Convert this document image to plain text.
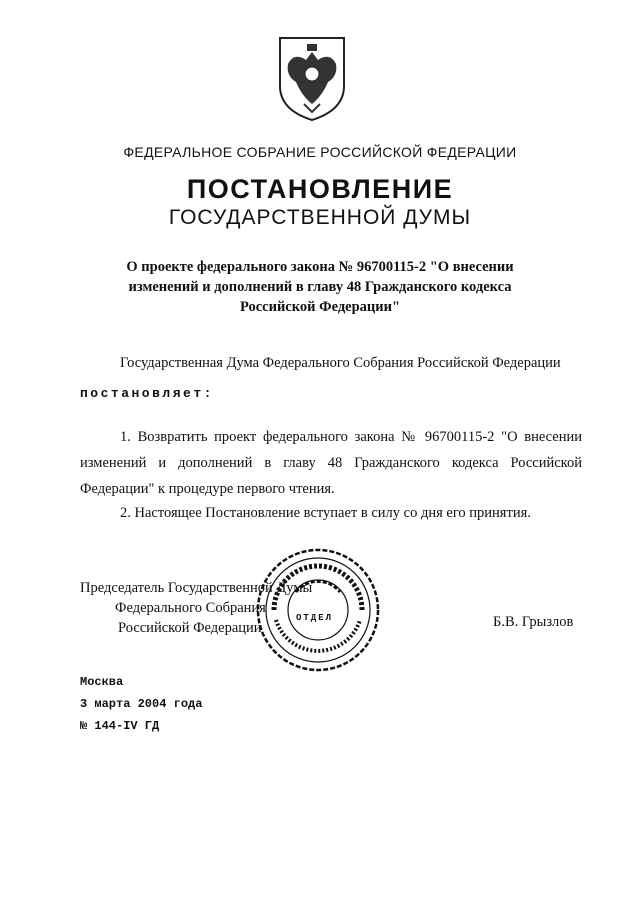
ФЕДЕРАЛЬНОЕ СОБРАНИЕ РОССИЙСКОЙ ФЕДЕРАЦИИ
ПОСТАНОВЛЕНИЕ
ГОСУДАРСТВЕННОЙ ДУМЫ
О проекте федерального закона № 96700115-2 "О внесении изменений и дополнений в главу 48 Гражданского кодекса Российской Федерации"
Государственная Дума Федерального Собрания Российской Федерации
постановляет:
1. Возвратить проект федерального закона № 96700115-2 "О внесении изменений и дополнений в главу 48 Гражданского кодекса Российской Федерации" к процедуре первого чтения.
2. Настоящее Постановление вступает в силу со дня его принятия.
Председатель Государственной Думы
Федерального Собрания
Российской Федерации
ОТДЕЛ	Б.В. Грызлов
Москва
3 марта 2004 года
№ 144-IV ГД
